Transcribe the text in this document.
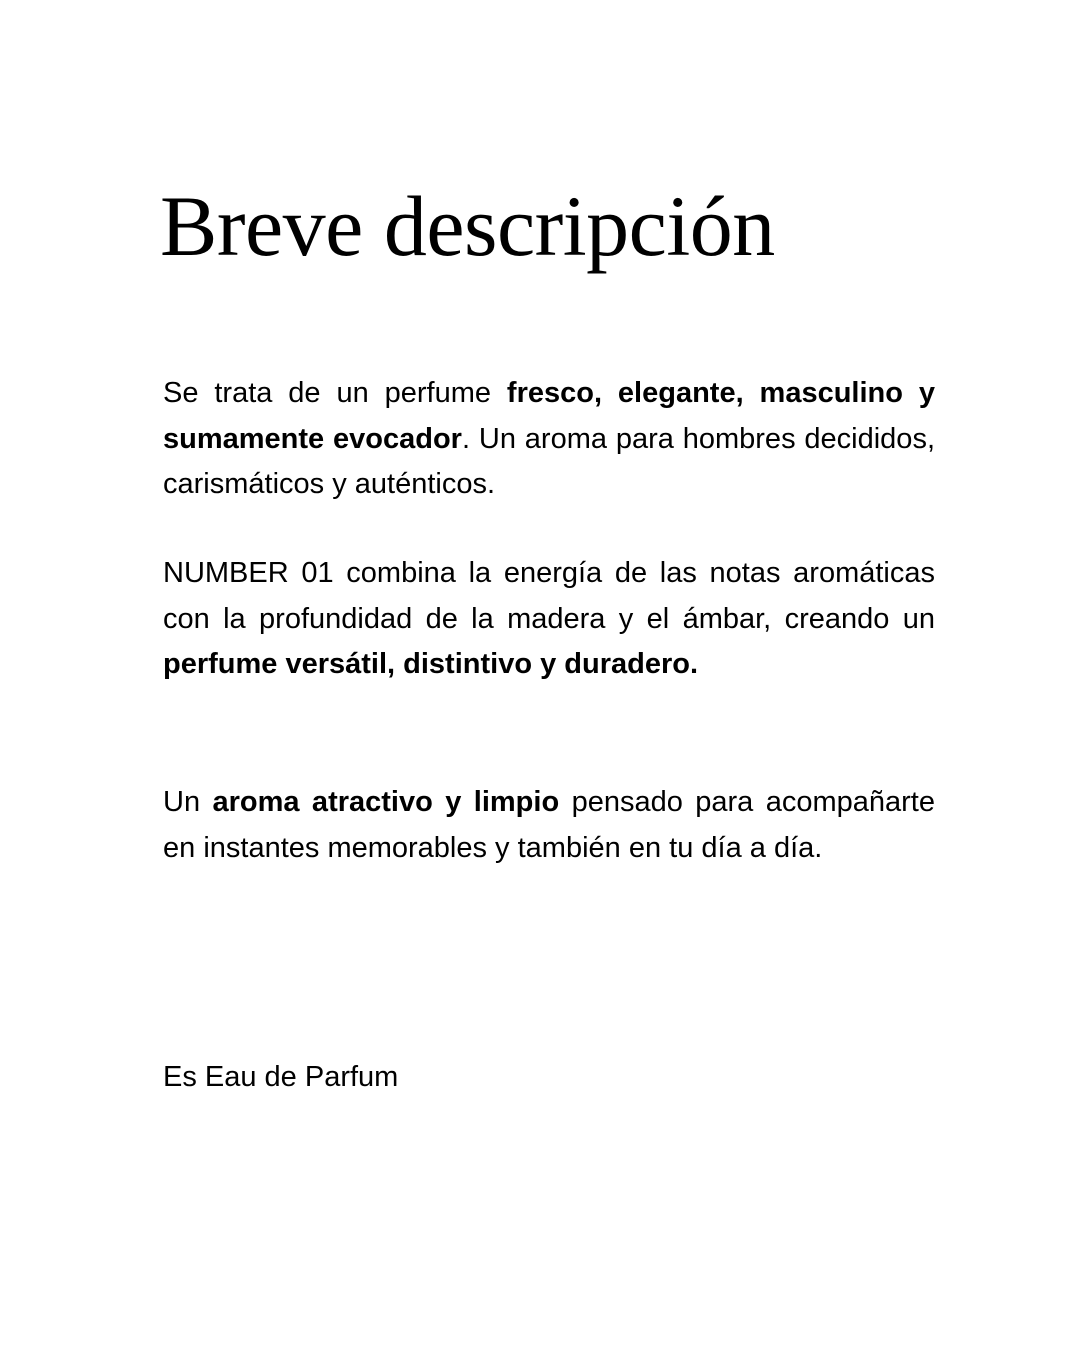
Breve descripción

Se trata de un perfume fresco, elegante, masculino y sumamente evocador. Un aroma para hombres decididos, carismáticos y auténticos.

NUMBER 01 combina la energía de las notas aromáticas con la profundidad de la madera y el ámbar, creando un perfume versátil, distintivo y duradero.

Un aroma atractivo y limpio pensado para acompañarte en instantes memorables y también en tu día a día.

Es Eau de Parfum
